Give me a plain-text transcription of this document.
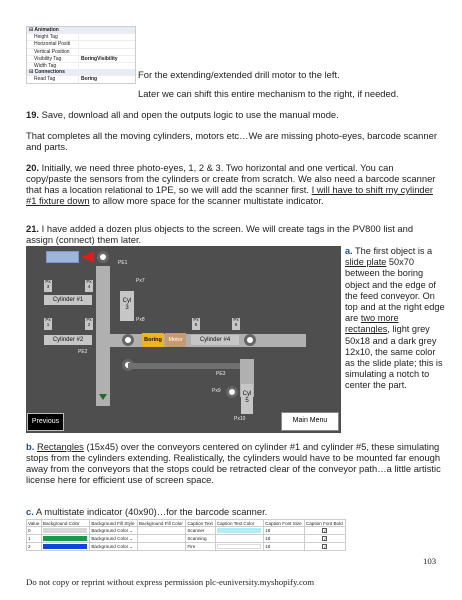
⊟ Animation
Height Tag
Horizontal Positi
Vertical Position
Visibility Tag	BoringVisibility
Width Tag
⊟ Connections
Read Tag	Boring	For the extending/extended drill motor to the left.

Later we can shift this entire mechanism to the right, if needed.

19. Save, download all and open the outputs logic to use the manual mode.

That completes all the moving cylinders, motors etc…We are missing photo-eyes, barcode scanner and parts.

20. Initially, we need three photo-eyes, 1, 2 & 3. Two horizontal and one vertical. You can copy/paste the sensors from the cylinders or create from scratch. We also need a barcode scanner that has a location relational to 1PE, so we will add the scanner first. I will have to shift my cylinder #1 fixture down to allow more space for the scanner multistate indicator.

21. I have added a dozen plus objects to the screen. We will create tags in the PV800 list and assign (connect) them later.

PE1
Px
3
Px
4
Cylinder #1	Cyl
3
Px7
Px8
Px
1
Px
2
Cylinder #2
PE2
Boring	Motor
Px
5
Px
6
Cylinder #4
PE3
Px9	Cyl
5
Px10
Previous	Main Menu

a. The first object is a slide plate 50x70 between the boring object and the edge of the feed conveyor. On top and at the right edge are two more rectangles, light grey 50x18 and a dark grey 12x10, the same color as the slide plate; this is simulating a notch to center the part.

b. Rectangles (15x45) over the conveyors centered on cylinder #1 and cylinder #5, these simulating stops from the cylinders extending. Realistically, the cylinders would have to be mounted far enough away from the conveyors that the stops could be retracted clear of the conveyor path…a little artistic license here for efficient use of screen space.

c. A multistate indicator (40x90)…for the barcode scanner.

Value	Background Color	Background Fill Style	Background Fill Color	Caption Text	Caption Text Color	Caption Font Size	Caption Font Bold
0		Background Color ⌄		Scanner		18	✓
1		Background Color ⌄		Scanning		18	✓
2		Background Color ⌄		Fire		18	✓
103
Do not copy or reprint without express permission plc-euniversity.myshopify.com
